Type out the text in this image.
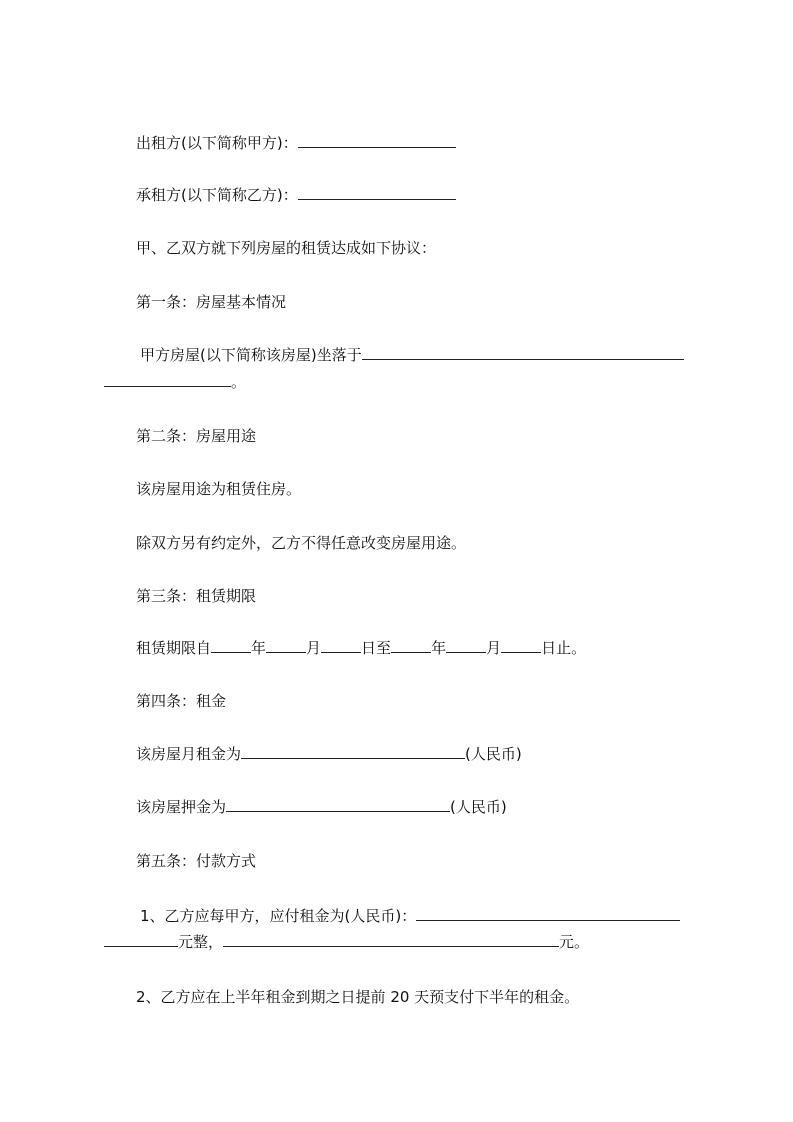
出租方(以下简称甲方)：
承租方(以下简称乙方)：
甲、乙双方就下列房屋的租赁达成如下协议：
第一条：房屋基本情况
甲方房屋(以下简称该房屋)坐落于
。
第二条：房屋用途
该房屋用途为租赁住房。
除双方另有约定外，乙方不得任意改变房屋用途。
第三条：租赁期限
租赁期限自	年	月	日至	年	月	日止。
第四条：租金
该房屋月租金为	(人民币)
该房屋押金为	(人民币)
第五条：付款方式
1、乙方应每甲方，应付租金为(人民币)：
元整，	元。
2、乙方应在上半年租金到期之日提前 20 天预支付下半年的租金。
